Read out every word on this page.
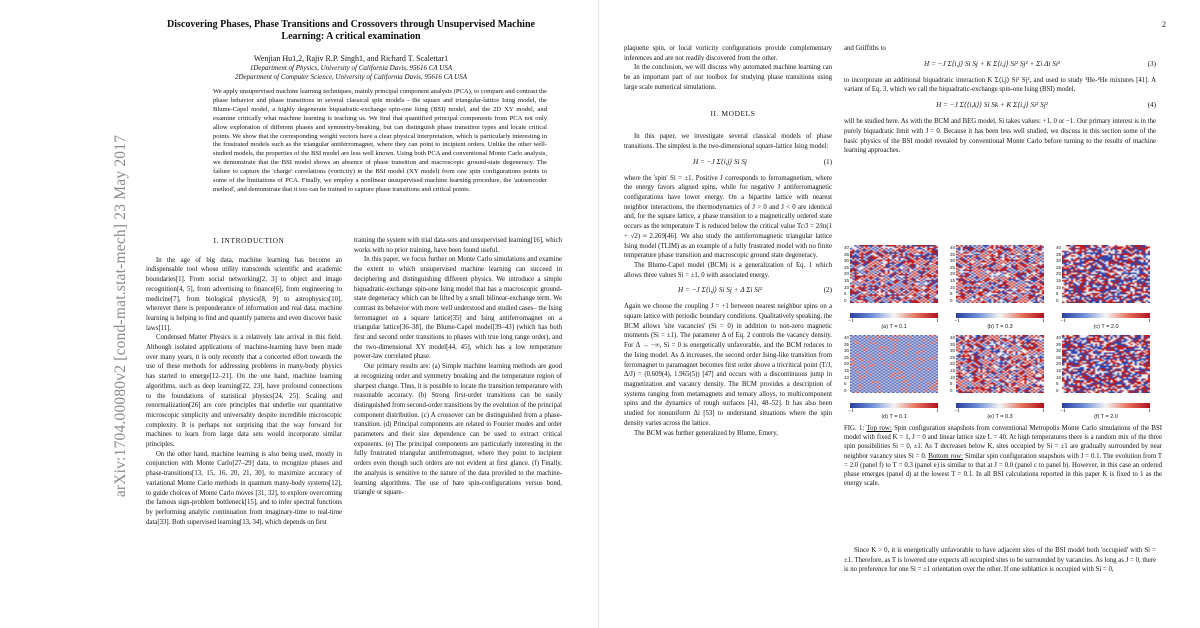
arXiv:1704.00080v2 [cond-mat.stat-mech] 23 May 2017
Discovering Phases, Phase Transitions and Crossovers through Unsupervised Machine Learning: A critical examination
Wenjian Hu1,2, Rajiv R.P. Singh1, and Richard T. Scalettar1
1Department of Physics, University of California Davis, 95616 CA USA
2Department of Computer Science, University of California Davis, 95616 CA USA
We apply unsupervised machine learning techniques, mainly principal component analysis (PCA), to compare and contrast the phase behavior and phase transitions in several classical spin models - the square and triangular-lattice Ising model, the Blume-Capel model, a highly degenerate biquadratic-exchange spin-one Ising (BSI) model, and the 2D XY model, and examine critically what machine learning is teaching us. We find that quantified principal components from PCA not only allow exploration of different phases and symmetry-breaking, but can distinguish phase transition types and locate critical points. We show that the corresponding weight vectors have a clear physical interpretation, which is particularly interesting in the frustrated models such as the triangular antiferromagnet, where they can point to incipient orders. Unlike the other well-studied models, the properties of the BSI model are less well known. Using both PCA and conventional Monte Carlo analysis, we demonstrate that the BSI model shows an absence of phase transition and macroscopic ground-state degeneracy. The failure to capture the 'charge' correlations (vorticity) in the BSI model (XY model) from raw spin configurations points to some of the limitations of PCA. Finally, we employ a nonlinear unsupervised machine learning procedure, the 'autoencoder method', and demonstrate that it too can be trained to capture phase transitions and critical points.

I. INTRODUCTION

In the age of big data, machine learning has become an indispensable tool whose utility transcends scientific and academic boundaries[1]. From social networking[2, 3] to object and image recognition[4, 5], from advertising to finance[6], from engineering to medicine[7], from biological physics[8, 9] to astrophysics[10], wherever there is preponderance of information and real data, machine learning is helping to find and quantify patterns and even discover basic laws[11].

Condensed Matter Physics is a relatively late arrival in this field. Although isolated applications of machine-learning have been made over many years, it is only recently that a concerted effort towards the use of these methods for addressing problems in many-body physics has started to emerge[12–21]. On the one hand, machine learning algorithms, such as deep learning[22, 23], have profound connections to the foundations of statistical physics[24, 25]. Scaling and renormalization[26] are core principles that underlie our quantitative microscopic simplicity and universality despite incredible microscopic complexity. It is perhaps not surprising that the way forward for machines to learn from large data sets would incorporate similar principles.

On the other hand, machine learning is also being used, mostly in conjunction with Monte Carlo[27–29] data, to recognize phases and phase-transitions[13, 15, 16, 20, 21, 30], to maximize accuracy of variational Monte Carlo methods in quantum many-body systems[12], to guide choices of Monte Carlo moves [31, 32], to explore overcoming the famous sign-problem bottleneck[15], and to infer spectral functions by performing analytic continuation from imaginary-time to real-time data[33]. Both supervised learning[13, 34], which depends on first

training the system with trial data-sets and unsupervised learning[16], which works with no prior training, have been found useful.

In this paper, we focus further on Monte Carlo simulations and examine the extent to which unsupervised machine learning can succeed in deciphering and distinguishing different physics. We introduce a simple biquadratic-exchange spin-one Ising model that has a macroscopic ground-state degeneracy which can be lifted by a small bilinear-exchange term. We contrast its behavior with more well understood and studied cases– the Ising ferromagnet on a square lattice[35] and Ising antiferromagnet on a triangular lattice[36–38], the Blume-Capel model[39–43] (which has both first and second order transitions to phases with true long range order), and the two-dimensional XY model[44, 45], which has a low temperature power-law correlated phase.

Our primary results are: (a) Simple machine learning methods are good at recognizing order and symmetry breaking and the temperature region of sharpest change. Thus, it is possible to locate the transition temperature with reasonable accuracy. (b) Strong first-order transitions can be easily distinguished from second-order transitions by the evolution of the principal component distribution. (c) A crossover can be distinguished from a phase-transition. (d) Principal components are related to Fourier modes and order parameters and their size dependence can be used to extract critical exponents. (e) The principal components are particularly interesting in the fully frustrated triangular antiferromagnet, where they point to incipient orders even though such orders are not evident at first glance. (f) Finally, the analysis is sensitive to the nature of the data provided to the machine-learning algorithms. The use of bare spin-configurations versus bond, triangle or square-

2

plaquette spin, or local vorticity configurations provide complementary inferences and are not readily discovered from the other.

In the conclusion, we will discuss why automated machine learning can be an important part of our toolbox for studying phase transitions using large scale numerical simulations.

II. MODELS

In this paper, we investigate several classical models of phase transitions. The simplest is the two-dimensional square-lattice Ising model:

H = −J Σ⟨i,j⟩ Si Sj	(1)

where the 'spin' Si = ±1. Positive J corresponds to ferromagnetism, where the energy favors aligned spins, while for negative J antiferromagnetic configurations have lower energy. On a bipartite lattice with nearest neighbor interactions, the thermodynamics of J > 0 and J < 0 are identical and, for the square lattice, a phase transition to a magnetically ordered state occurs as the temperature T is reduced below the critical value Tc/J = 2/ln(1 + √2) ≈ 2.269[46]. We also study the antiferromagnetic triangular lattice Ising model (TLIM) as an example of a fully frustrated model with no finite temperature phase transition and macroscopic ground state degeneracy.

The Blume-Capel model (BCM) is a generalization of Eq. 1 which allows three values Si = ±1, 0 with associated energy.

H = −J Σ⟨i,j⟩ Si Sj + Δ Σi Si²	(2)

Again we choose the coupling J = +1 between nearest neighbor spins on a square lattice with periodic boundary conditions. Qualitatively speaking, the BCM allows 'site vacancies' (Si = 0) in addition to non-zero magnetic moments (Si = ±1). The parameter Δ of Eq. 2 controls the vacancy density. For Δ → −∞, Si = 0 is energetically unfavorable, and the BCM reduces to the Ising model. As Δ increases, the second order Ising-like transition from ferromagnet to paramagnet becomes first order above a tricritical point (T/J, Δ/J) = (0.609(4), 1.965(5)) [47] and occurs with a discontinuous jump in magnetization and vacancy density. The BCM provides a description of systems ranging from metamagnets and ternary alloys, to multicomponent spins and the dynamics of rough surfaces [41, 48–52]. It has also been studied for nonuniform Δi [53] to understand situations where the spin density varies across the lattice.

The BCM was further generalized by Blume, Emery,

and Griffiths to

H = −J Σ⟨i,j⟩ Si Sj + K Σ⟨i,j⟩ Si² Sj² + Σi Δi Si²	(3)

to incorporate an additional biquadratic interaction K Σ⟨i,j⟩ Si² Sj², and used to study ³He-⁴He mixtures [41]. A variant of Eq. 3, which we call the biquadratic-exchange spin-one Ising (BSI) model,

H = −J Σ⟨⟨i,k⟩⟩ Si Sk + K Σ⟨i,j⟩ Si² Sj²	(4)

will be studied here. As with the BCM and BEG model, Si takes values: +1, 0 or −1. Our primary interest is in the purely biquadratic limit with J = 0. Because it has been less well studied, we discuss in this section some of the basic physics of the BSI model revealed by conventional Monte Carlo before turning to the results of machine learning approaches.

40
35
30
25
20
15
10
5
0
−1	1
(a) T = 0.1
40
35
30
25
20
15
10
5
0
−1	1
(b) T = 0.3
40
35
30
25
20
15
10
5
0
−1	1
(c) T = 2.0
40
35
30
25
20
15
10
5
0
−1	1
(d) T = 0.1
40
35
30
25
20
15
10
5
0
−1	1
(e) T = 0.3
40
35
30
25
20
15
10
5
0
−1	1
(f) T = 2.0
FIG. 1: Top row: Spin configuration snapshots from conventional Metropolis Monte Carlo simulations of the BSI model with fixed K = 1, J = 0 and linear lattice size L = 40. At high temperatures there is a random mix of the three spin possibilities Si = 0, ±1. As T decreases below K, sites occupied by Si = ±1 are gradually surrounded by near neighbor vacancy sites Si = 0. Bottom row: Similar spin configuration snapshots with J = 0.1. The evolution from T = 2.0 (panel f) to T = 0.3 (panel e) is similar to that at J = 0.0 (panel c to panel b). However, in this case an ordered phase emerges (panel d) at the lowest T = 0.1. In all BSI calculations reported in this paper K is fixed to 1 as the energy scale.

Since K > 0, it is energetically unfavorable to have adjacent sites of the BSI model both 'occupied' with Si = ±1. Therefore, as T is lowered one expects all occupied sites to be surrounded by vacancies. As long as J = 0, there is no preference for one Si = ±1 orientation over the other. If one sublattice is occupied with Si = 0,
